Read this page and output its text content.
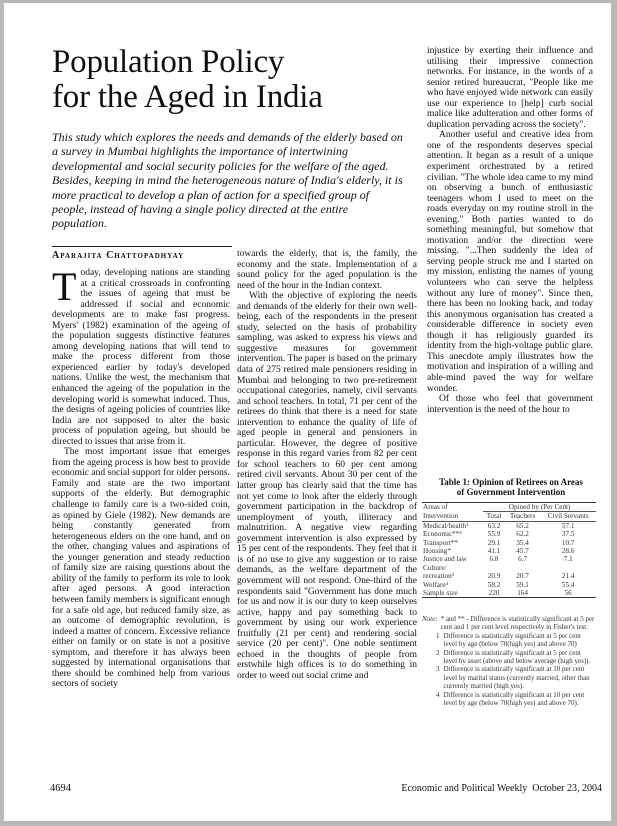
Population Policy
for the Aged in India

This study which explores the needs and demands of the elderly based on a survey in Mumbai highlights the importance of intertwining developmental and social security policies for the welfare of the aged. Besides, keeping in mind the heterogeneous nature of India's elderly, it is more practical to develop a plan of action for a specified group of people, instead of having a single policy directed at the entire population.

Aparajita Chattopadhyay

Today, developing nations are standing at a critical crossroads in confronting the issues of ageing that must be addressed if social and economic developments are to make fast progress. Myers' (1982) examination of the ageing of the population suggests distinctive features among developing nations that will tend to make the process different from those experienced earlier by today's developed nations. Unlike the west, the mechanism that enhanced the ageing of the population in the developing world is somewhat induced. Thus, the designs of ageing policies of countries like India are not supposed to alter the basic process of population ageing, but should be directed to issues that arise from it.

The most important issue that emerges from the ageing process is how best to provide economic and social support for older persons. Family and state are the two important supports of the elderly. But demographic challenge to family care is a two-sided coin, as opined by Giele (1982). New demands are being constantly generated from heterogeneous elders on the one hand, and on the other, changing values and aspirations of the younger generation and steady reduction of family size are raising questions about the ability of the family to perform its role to look after aged persons. A good interaction between family members is significant enough for a safe old age, but reduced family size, as an outcome of demographic revolution, is indeed a matter of concern. Excessive reliance either on family or on state is not a positive symptom, and therefore it has always been suggested by international organisations that there should be combined help from various sectors of society

towards the elderly, that is, the family, the economy and the state. Implementation of a sound policy for the aged population is the need of the hour in the Indian context.

With the objective of exploring the needs and demands of the elderly for their own well-being, each of the respondents in the present study, selected on the basis of probability sampling, was asked to express his views and suggestive measures for government intervention. The paper is based on the primary data of 275 retired male pensioners residing in Mumbai and belonging to two pre-retirement occupational categories, namely, civil servants and school teachers. In total, 71 per cent of the retirees do think that there is a need for state intervention to enhance the quality of life of aged people in general and pensioners in particular. However, the degree of positive response in this regard varies from 82 per cent for school teachers to 60 per cent among retired civil servants. About 30 per cent of the latter group has clearly said that the time has not yet come to look after the elderly through government participation in the backdrop of unemployment of youth, illiteracy and malnutrition. A negative view regarding government intervention is also expressed by 15 per cent of the respondents. They feel that it is of no use to give any suggestion or to raise demands, as the welfare department of the government will not respond. One-third of the respondents said "Government has done much for us and now it is our duty to keep ourselves active, happy and pay something back to government by using our work experience fruitfully (21 per cent) and rendering social service (20 per cent)". One noble sentiment echoed in the thoughts of people from erstwhile high offices is to do something in order to weed out social crime and

injustice by exerting their influence and utilising their impressive connection networks. For instance, in the words of a senior retired bureaucrat, "People like me who have enjoyed wide network can easily use our experience to [help] curb social malice like adulteration and other forms of duplication pervading across the society".

Another useful and creative idea from one of the respondents deserves special attention. It began as a result of a unique experiment orchestrated by a retired civilian. "The whole idea came to my mind on observing a bunch of enthusiastic teenagers whom I used to meet on the roads everyday on my routine stroll in the evening." Both parties wanted to do something meaningful, but somehow that motivation and/or the direction were missing. "...Then suddenly the idea of serving people struck me and I started on my mission, enlisting the names of young volunteers who can serve the helpless without any lure of money". Since then, there has been no looking back, and today this anonymous organisation has created a considerable difference in society even though it has religiously guarded its identity from the high-voltage public glare. This anecdote amply illustrates how the motivation and inspiration of a willing and able-mind paved the way for welfare wonder.

Of those who feel that government intervention is the need of the hour to

Table 1: Opinion of Retirees on Areas
of Government Intervention
Areas of	Opined by (Per Cent)		
Intervention	Total	Teachers	Civil Servants
Medical/health¹	63.2	65.2	57.1
Economic**²	55.9	62.2	37.5
Transport**	29.1	35.4	10.7
Housing*	41.1	45.7	28.6
Justice and law	6.8	6.7	7.1
Culture/			
recreation³	20.9	20.7	21.4
Welfare⁴	58.2	59.1	55.4
Sample size	220	164	56
Note: * and ** - Difference is statistically significant at 5 per cent and 1 per cent level respectively in Fisher's test.
1 Difference is statistically significant at 5 per cent level by age (below 70(high yes) and above 70)
2 Difference is statistically significant at 5 per cent level by asset (above and below average (high yes)).
3 Difference is statistically significant at 10 per cent level by marital status (currently married, other than currently married (high yes).
4 Difference is statistically significant at 10 per cent level by age (below 70(high yes) and above 70).
4694	Economic and Political Weekly October 23, 2004
